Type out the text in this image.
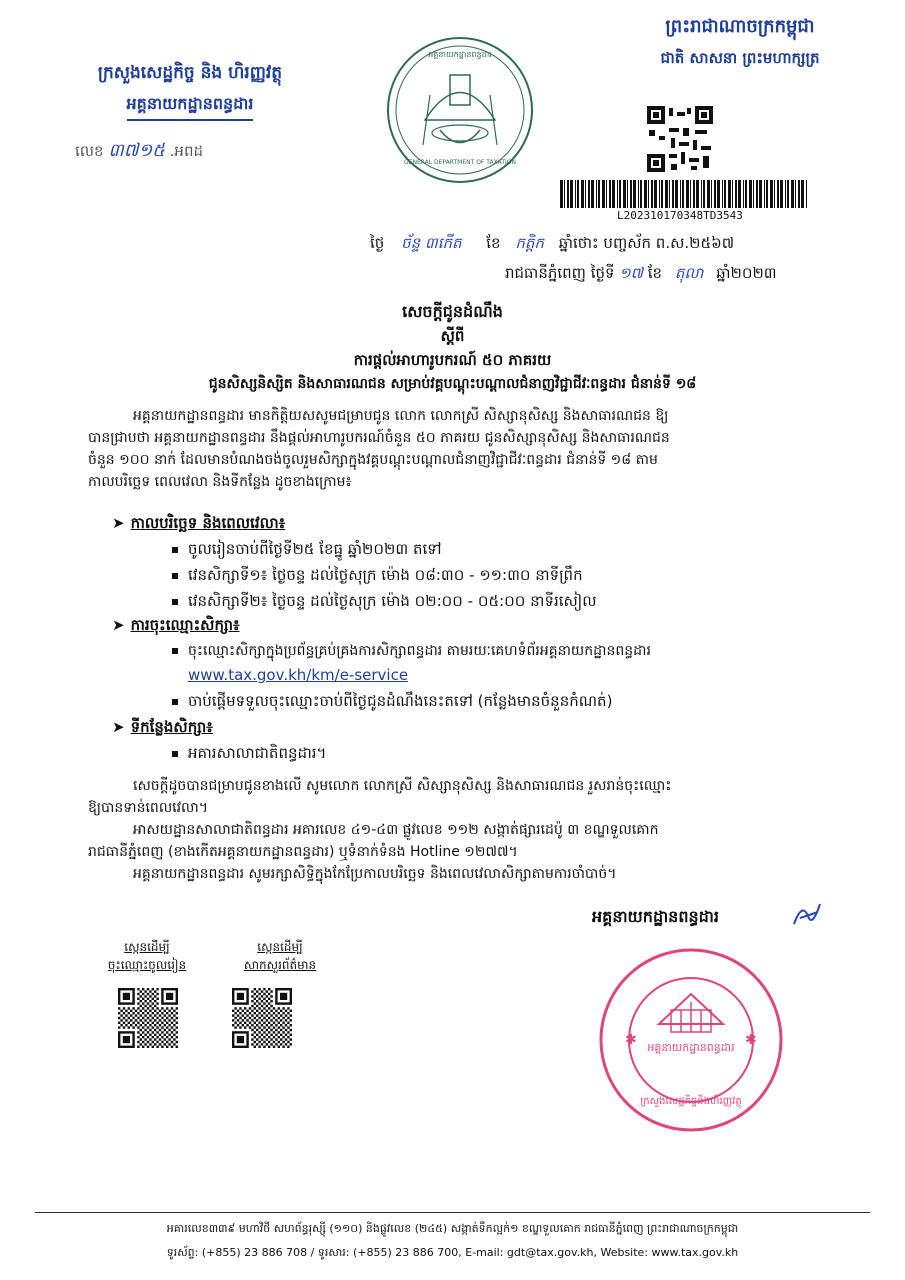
ក្រសួងសេដ្ឋកិច្ច និង ហិរញ្ញវត្ថុ
អគ្គនាយកដ្ឋានពន្ធដារ
លេខ ៣៧១៥ .អពដ
អគ្គនាយកដ្ឋានពន្ធដារ
GENERAL DEPARTMENT OF TAXATION
ព្រះរាជាណាចក្រកម្ពុជា
ជាតិ សាសនា ព្រះមហាក្សត្រ
L202310170348TD3543
ថ្ងៃ ច័ន្ទ ៣កើត ខែ កត្តិក ឆ្នាំថោះ បញ្ចស័ក ព.ស.២៥៦៧
រាជធានីភ្នំពេញ ថ្ងៃទី ១៧ ខែ តុលា ឆ្នាំ២០២៣
សេចក្តីជូនដំណឹង
ស្តីពី
ការផ្តល់អាហារូបករណ៍ ៥០ ភាគរយ
ជូនសិស្សនិស្សិត និងសាធារណជន សម្រាប់វគ្គបណ្តុះបណ្តាលជំនាញវិជ្ជាជីវៈពន្ធដារ ជំនាន់ទី ១៨
អគ្គនាយកដ្ឋានពន្ធដារ មានកិត្តិយសសូមជម្រាបជូន លោក លោកស្រី សិស្សានុសិស្ស និងសាធារណជន ឱ្យ
បានជ្រាបថា អគ្គនាយកដ្ឋានពន្ធដារ នឹងផ្តល់អាហារូបករណ៍ចំនួន ៥០ ភាគរយ ជូនសិស្សានុសិស្ស និងសាធារណជន
ចំនួន ១០០ នាក់ ដែលមានបំណងចង់ចូលរួមសិក្សាក្នុងវគ្គបណ្តុះបណ្តាលជំនាញវិជ្ជាជីវៈពន្ធដារ ជំនាន់ទី ១៨ តាម
កាលបរិច្ឆេទ ពេលវេលា និងទីកន្លែង ដូចខាងក្រោម៖
➤ កាលបរិច្ឆេទ និងពេលវេលា៖
ចូលរៀនចាប់ពីថ្ងៃទី២៥ ខែធ្នូ ឆ្នាំ២០២៣ តទៅ
វេនសិក្សាទី១៖ ថ្ងៃចន្ទ ដល់ថ្ងៃសុក្រ ម៉ោង ០៨:៣០ - ១១:៣០ នាទីព្រឹក
វេនសិក្សាទី២៖ ថ្ងៃចន្ទ ដល់ថ្ងៃសុក្រ ម៉ោង ០២:០០ - ០៥:០០ នាទីរសៀល
➤ ការចុះឈ្មោះសិក្សា៖
ចុះឈ្មោះសិក្សាក្នុងប្រព័ន្ធគ្រប់គ្រងការសិក្សាពន្ធដារ តាមរយៈគេហទំព័រអគ្គនាយកដ្ឋានពន្ធដារ
www.tax.gov.kh/km/e-service
ចាប់ផ្តើមទទួលចុះឈ្មោះចាប់ពីថ្ងៃជូនដំណឹងនេះតទៅ (កន្លែងមានចំនួនកំណត់)
➤ ទីកន្លែងសិក្សា៖
អគារសាលាជាតិពន្ធដារ។
សេចក្តីដូចបានជម្រាបជូនខាងលើ សូមលោក លោកស្រី សិស្សានុសិស្ស និងសាធារណជន រួសរាន់ចុះឈ្មោះ
ឱ្យបានទាន់ពេលវេលា។
អាសយដ្ឋានសាលាជាតិពន្ធដារ អគារលេខ ៤១-៤៣ ផ្លូវលេខ ១១២ សង្កាត់ផ្សារដេប៉ូ ៣ ខណ្ឌទួលគោក
រាជធានីភ្នំពេញ (ខាងកើតអគ្គនាយកដ្ឋានពន្ធដារ) ឬទំនាក់ទំនង Hotline ១២៧៧។
អគ្គនាយកដ្ឋានពន្ធដារ សូមរក្សាសិទ្ធិក្នុងកែប្រែកាលបរិច្ឆេទ និងពេលវេលាសិក្សាតាមការចាំបាច់។
អគ្គនាយកដ្ឋានពន្ធដារ
✱	✱
អគ្គនាយកដ្ឋានពន្ធដារ
ក្រសួងសេដ្ឋកិច្ចនិងហិរញ្ញវត្ថុ
ស្កេនដើម្បី
ចុះឈ្មោះចូលរៀន
ស្កេនដើម្បី
សាកសួរព័ត៌មាន
អគារលេខ៣៣៩ មហាវិថី សហព័ន្ធរុស្ស៊ី (១១០) និងផ្លូវលេខ (២៤៥) សង្កាត់ទឹកល្អក់១ ខណ្ឌទួលគោក រាជធានីភ្នំពេញ ព្រះរាជាណាចក្រកម្ពុជា
ទូរស័ព្ទ: (+855) 23 886 708 / ទូរសារ: (+855) 23 886 700, E-mail: gdt@tax.gov.kh, Website: www.tax.gov.kh
